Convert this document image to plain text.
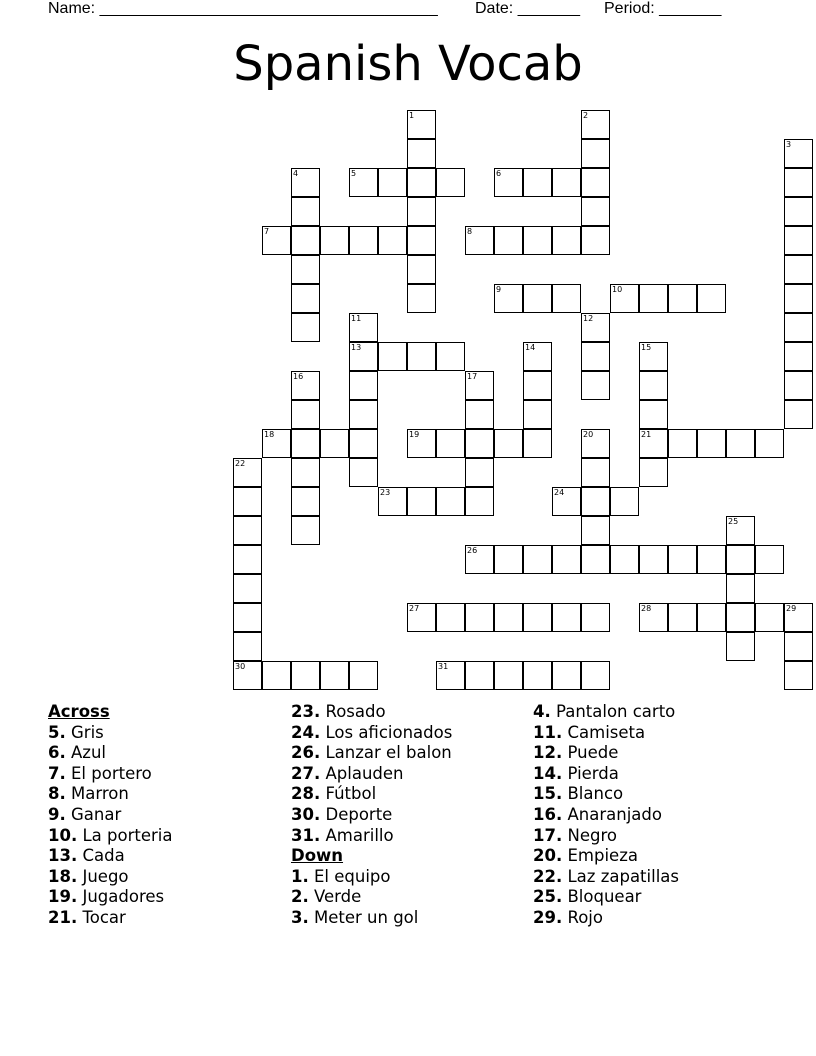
Name: ______________________________________ Date: _______ Period: _______
Spanish Vocab
1	2
3
4	5	6
7	8
9	10
11	12
13	14	15
16	17
18	19	20	21
22
23	24
25
26
27	28	29
30	31
Across
5. Gris
6. Azul
7. El portero
8. Marron
9. Ganar
10. La porteria
13. Cada
18. Juego
19. Jugadores
21. Tocar
23. Rosado
24. Los aficionados
26. Lanzar el balon
27. Aplauden
28. Fútbol
30. Deporte
31. Amarillo
Down
1. El equipo
2. Verde
3. Meter un gol
4. Pantalon carto
11. Camiseta
12. Puede
14. Pierda
15. Blanco
16. Anaranjado
17. Negro
20. Empieza
22. Laz zapatillas
25. Bloquear
29. Rojo
